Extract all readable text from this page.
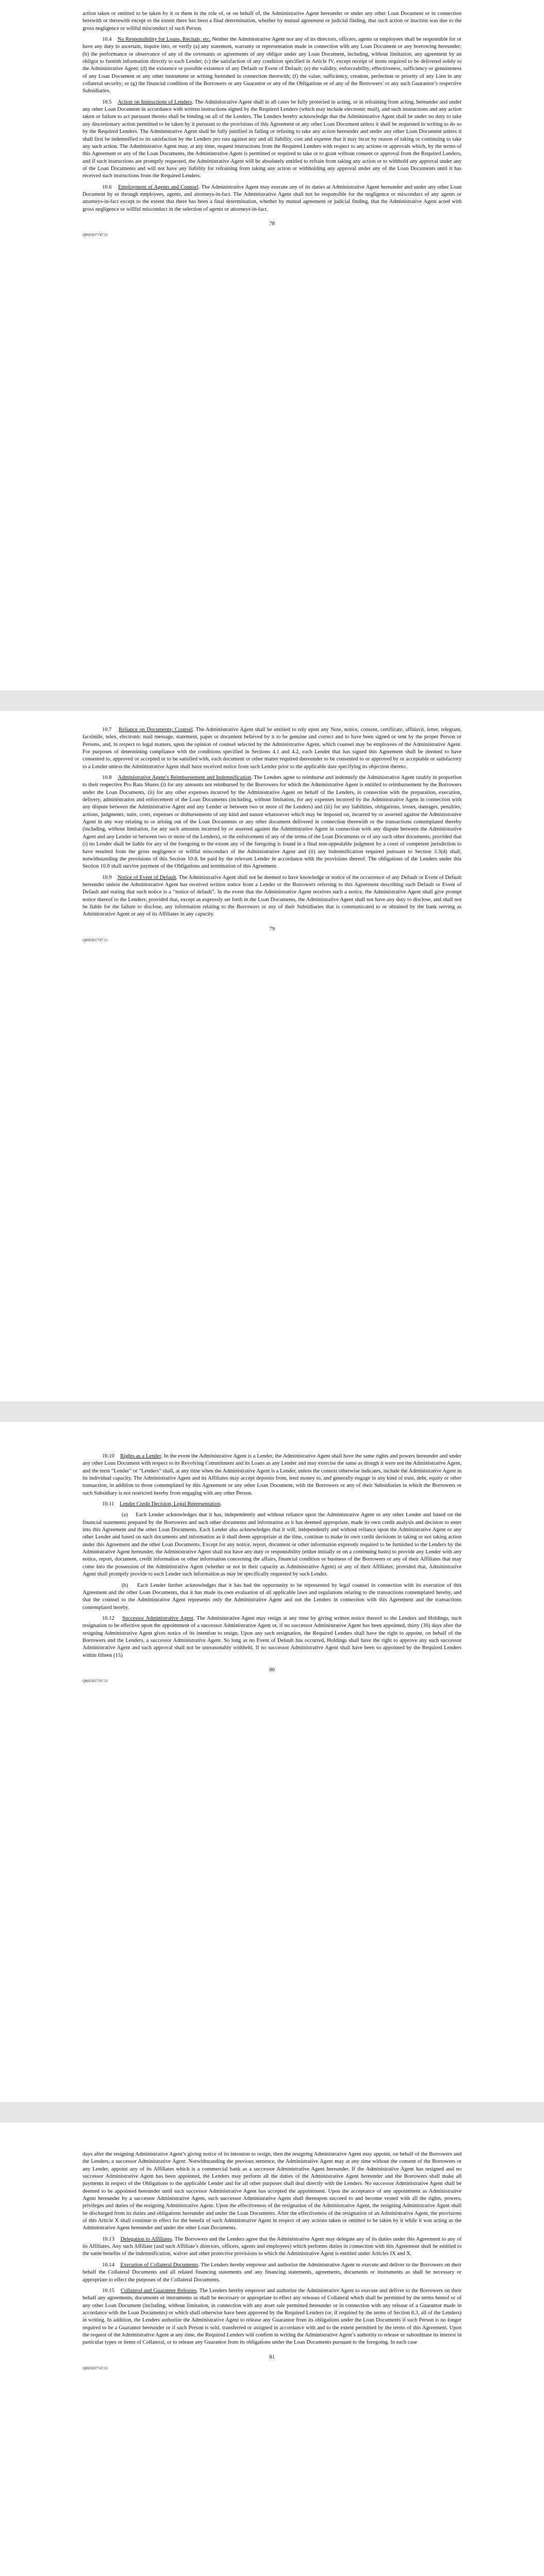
action taken or omitted to be taken by it or them in the role of, or on behalf of, the Administrative Agent hereunder or under any other Loan Document or in connection herewith or therewith except to the extent there has been a final determination, whether by mutual agreement or judicial finding, that such action or inaction was due to the gross negligence or willful misconduct of such Person.

10.4 No Responsibility for Loans, Recitals, etc. Neither the Administrative Agent nor any of its directors, officers, agents or employees shall be responsible for or have any duty to ascertain, inquire into, or verify (a) any statement, warranty or representation made in connection with any Loan Document or any borrowing hereunder; (b) the performance or observance of any of the covenants or agreements of any obligor under any Loan Document, including, without limitation, any agreement by an obligor to furnish information directly to each Lender; (c) the satisfaction of any condition specified in Article IV, except receipt of items required to be delivered solely to the Administrative Agent; (d) the existence or possible existence of any Default or Event of Default; (e) the validity, enforceability, effectiveness, sufficiency or genuineness of any Loan Document or any other instrument or writing furnished in connection therewith; (f) the value, sufficiency, creation, perfection or priority of any Lien in any collateral security; or (g) the financial condition of the Borrowers or any Guarantor or any of the Obligations or of any of the Borrowers’ or any such Guarantor’s respective Subsidiaries.

10.5 Action on Instructions of Lenders. The Administrative Agent shall in all cases be fully protected in acting, or in refraining from acting, hereunder and under any other Loan Document in accordance with written instructions signed by the Required Lenders (which may include electronic mail), and such instructions and any action taken or failure to act pursuant thereto shall be binding on all of the Lenders. The Lenders hereby acknowledge that the Administrative Agent shall be under no duty to take any discretionary action permitted to be taken by it pursuant to the provisions of this Agreement or any other Loan Document unless it shall be requested in writing to do so by the Required Lenders. The Administrative Agent shall be fully justified in failing or refusing to take any action hereunder and under any other Loan Document unless it shall first be indemnified to its satisfaction by the Lenders pro rata against any and all liability, cost and expense that it may incur by reason of taking or continuing to take any such action. The Administrative Agent may, at any time, request instructions from the Required Lenders with respect to any actions or approvals which, by the terms of this Agreement or any of the Loan Documents, the Administrative Agent is permitted or required to take or to grant without consent or approval from the Required Lenders, and if such instructions are promptly requested, the Administrative Agent will be absolutely entitled to refrain from taking any action or to withhold any approval under any of the Loan Documents and will not have any liability for refraining from taking any action or withholding any approval under any of the Loan Documents until it has received such instructions from the Required Lenders.

10.6 Employment of Agents and Counsel. The Administrative Agent may execute any of its duties at Administrative Agent hereunder and under any other Loan Document by or through employees, agents, and attorneys-in-fact. The Administrative Agent shall not be responsible for the negligence or misconduct of any agents or attorneys-in-fact except to the extent that there has been a final determination, whether by mutual agreement or judicial finding, that the Administrative Agent acted with gross negligence or willful misconduct in the selection of agents or attorneys-in-fact.

78
Q8695817747.53

10.7 Reliance on Documents; Counsel. The Administrative Agent shall be entitled to rely upon any Note, notice, consent, certificate, affidavit, letter, telegram, facsimile, telex, electronic mail message, statement, paper or document believed by it to be genuine and correct and to have been signed or sent by the proper Person or Persons, and, in respect to legal matters, upon the opinion of counsel selected by the Administrative Agent, which counsel may be employees of the Administrative Agent. For purposes of determining compliance with the conditions specified in Sections 4.1 and 4.2, each Lender that has signed this Agreement shall be deemed to have consented to, approved or accepted or to be satisfied with, each document or other matter required thereunder to be consented to or approved by or acceptable or satisfactory to a Lender unless the Administrative Agent shall have received notice from such Lender prior to the applicable date specifying its objection thereto.

10.8 Administrative Agent’s Reimbursement and Indemnification. The Lenders agree to reimburse and indemnify the Administrative Agent ratably in proportion to their respective Pro Rata Shares (i) for any amounts not reimbursed by the Borrowers for which the Administrative Agent is entitled to reimbursement by the Borrowers under the Loan Documents, (ii) for any other expenses incurred by the Administrative Agent on behalf of the Lenders, in connection with the preparation, execution, delivery, administration and enforcement of the Loan Documents (including, without limitation, for any expenses incurred by the Administrative Agent in connection with any dispute between the Administrative Agent and any Lender or between two or more of the Lenders) and (iii) for any liabilities, obligations, losses, damages, penalties, actions, judgments, suits, costs, expenses or disbursements of any kind and nature whatsoever which may be imposed on, incurred by or asserted against the Administrative Agent in any way relating to or arising out of the Loan Documents or any other document delivered in connection therewith or the transactions contemplated thereby (including, without limitation, for any such amounts incurred by or asserted against the Administrative Agent in connection with any dispute between the Administrative Agent and any Lender or between two or more of the Lenders), or the enforcement of any of the terms of the Loan Documents or of any such other documents, provided that (i) no Lender shall be liable for any of the foregoing to the extent any of the foregoing is found in a final non-appealable judgment by a court of competent jurisdiction to have resulted from the gross negligence or willful misconduct of the Administrative Agent and (ii) any indemnification required pursuant to Section 3.3(d) shall, notwithstanding the provisions of this Section 10.8, be paid by the relevant Lender in accordance with the provisions thereof. The obligations of the Lenders under this Section 10.8 shall survive payment of the Obligations and termination of this Agreement.

10.9 Notice of Event of Default. The Administrative Agent shall not be deemed to have knowledge or notice of the occurrence of any Default or Event of Default hereunder unless the Administrative Agent has received written notice from a Lender or the Borrowers referring to this Agreement describing such Default or Event of Default and stating that such notice is a “notice of default”. In the event that the Administrative Agent receives such a notice, the Administrative Agent shall give prompt notice thereof to the Lenders; provided that, except as expressly set forth in the Loan Documents, the Administrative Agent shall not have any duty to disclose, and shall not be liable for the failure to disclose, any information relating to the Borrowers or any of their Subsidiaries that is communicated to or obtained by the bank serving as Administrative Agent or any of its Affiliates in any capacity.

79
Q8695817747.53

10.10 Rights as a Lender. In the event the Administrative Agent is a Lender, the Administrative Agent shall have the same rights and powers hereunder and under any other Loan Document with respect to its Revolving Commitment and its Loans as any Lender and may exercise the same as though it were not the Administrative Agent, and the term “Lender” or “Lenders” shall, at any time when the Administrative Agent is a Lender, unless the context otherwise indicates, include the Administrative Agent in its individual capacity. The Administrative Agent and its Affiliates may accept deposits from, lend money to, and generally engage in any kind of trust, debt, equity or other transaction, in addition to those contemplated by this Agreement or any other Loan Document, with the Borrowers or any of their Subsidiaries in which the Borrowers or such Subsidiary is not restricted hereby from engaging with any other Person.

10.11 Lender Credit Decision, Legal Representation.

(a) Each Lender acknowledges that it has, independently and without reliance upon the Administrative Agent or any other Lender and based on the financial statements prepared by the Borrowers and such other documents and information as it has deemed appropriate, made its own credit analysis and decision to enter into this Agreement and the other Loan Documents. Each Lender also acknowledges that it will, independently and without reliance upon the Administrative Agent or any other Lender and based on such documents and information as it shall deem appropriate at the time, continue to make its own credit decisions in taking or not taking action under this Agreement and the other Loan Documents. Except for any notice, report, document or other information expressly required to be furnished to the Lenders by the Administrative Agent hereunder, the Administrative Agent shall not have any duty or responsibility (either initially or on a continuing basis) to provide any Lender with any notice, report, document, credit information or other information concerning the affairs, financial condition or business of the Borrowers or any of their Affiliates that may come into the possession of the Administrative Agent (whether or not in their capacity as Administrative Agent) or any of their Affiliates; provided that, Administrative Agent shall promptly provide to each Lender such information as may be specifically requested by such Lender.

(b) Each Lender further acknowledges that it has had the opportunity to be represented by legal counsel in connection with its execution of this Agreement and the other Loan Documents, that it has made its own evaluation of all applicable laws and regulations relating to the transactions contemplated hereby, and that the counsel to the Administrative Agent represents only the Administrative Agent and not the Lenders in connection with this Agreement and the transactions contemplated hereby.

10.12 Successor Administrative Agent. The Administrative Agent may resign at any time by giving written notice thereof to the Lenders and Holdings, such resignation to be effective upon the appointment of a successor Administrative Agent or, if no successor Administrative Agent has been appointed, thirty (30) days after the resigning Administrative Agent gives notice of its intention to resign. Upon any such resignation, the Required Lenders shall have the right to appoint, on behalf of the Borrowers and the Lenders, a successor Administrative Agent. So long as no Event of Default has occurred, Holdings shall have the right to approve any such successor Administrative Agent and such approval shall not be unreasonably withheld. If no successor Administrative Agent shall have been so appointed by the Required Lenders within fifteen (15)

80
Q8695817747.53

days after the resigning Administrative Agent’s giving notice of its intention to resign, then the resigning Administrative Agent may appoint, on behalf of the Borrowers and the Lenders, a successor Administrative Agent. Notwithstanding the previous sentence, the Administrative Agent may at any time without the consent of the Borrowers or any Lender, appoint any of its Affiliates which is a commercial bank as a successor Administrative Agent hereunder. If the Administrative Agent has resigned and no successor Administrative Agent has been appointed, the Lenders may perform all the duties of the Administrative Agent hereunder and the Borrowers shall make all payments in respect of the Obligations to the applicable Lender and for all other purposes shall deal directly with the Lenders. No successor Administrative Agent shall be deemed to be appointed hereunder until such successor Administrative Agent has accepted the appointment. Upon the acceptance of any appointment as Administrative Agent hereunder by a successor Administrative Agent, such successor Administrative Agent shall thereupon succeed to and become vested with all the rights, powers, privileges and duties of the resigning Administrative Agent. Upon the effectiveness of the resignation of the Administrative Agent, the resigning Administrative Agent shall be discharged from its duties and obligations hereunder and under the Loan Documents. After the effectiveness of the resignation of an Administrative Agent, the provisions of this Article X shall continue in effect for the benefit of such Administrative Agent in respect of any actions taken or omitted to be taken by it while it was acting as the Administrative Agent hereunder and under the other Loan Documents.

10.13 Delegation to Affiliates. The Borrowers and the Lenders agree that the Administrative Agent may delegate any of its duties under this Agreement to any of its Affiliates. Any such Affiliate (and such Affiliate’s directors, officers, agents and employees) which performs duties in connection with this Agreement shall be entitled to the same benefits of the indemnification, waiver and other protective provisions to which the Administrative Agent is entitled under Articles IX and X.

10.14 Execution of Collateral Documents. The Lenders hereby empower and authorize the Administrative Agent to execute and deliver to the Borrowers on their behalf the Collateral Documents and all related financing statements and any financing statements, agreements, documents or instruments as shall be necessary or appropriate to effect the purposes of the Collateral Documents.

10.15 Collateral and Guarantee Releases. The Lenders hereby empower and authorize the Administrative Agent to execute and deliver to the Borrowers on their behalf any agreements, documents or instruments as shall be necessary or appropriate to effect any releases of Collateral which shall be permitted by the terms hereof or of any other Loan Document (including, without limitation, in connection with any asset sale permitted hereunder or in connection with any release of a Guarantor made in accordance with the Loan Documents) or which shall otherwise have been approved by the Required Lenders (or, if required by the terms of Section 8.3, all of the Lenders) in writing. In addition, the Lenders authorize the Administrative Agent to release any Guarantor from its obligations under the Loan Documents if such Person is no longer required to be a Guarantor hereunder or if such Person is sold, transferred or assigned in accordance with and to the extent permitted by the terms of this Agreement. Upon the request of the Administrative Agent at any time, the Required Lenders will confirm in writing the Administrative Agent’s authority to release or subordinate its interest in particular types or items of Collateral, or to release any Guarantor from its obligations under the Loan Documents pursuant to the foregoing. In each case

81
Q8695817747.53
